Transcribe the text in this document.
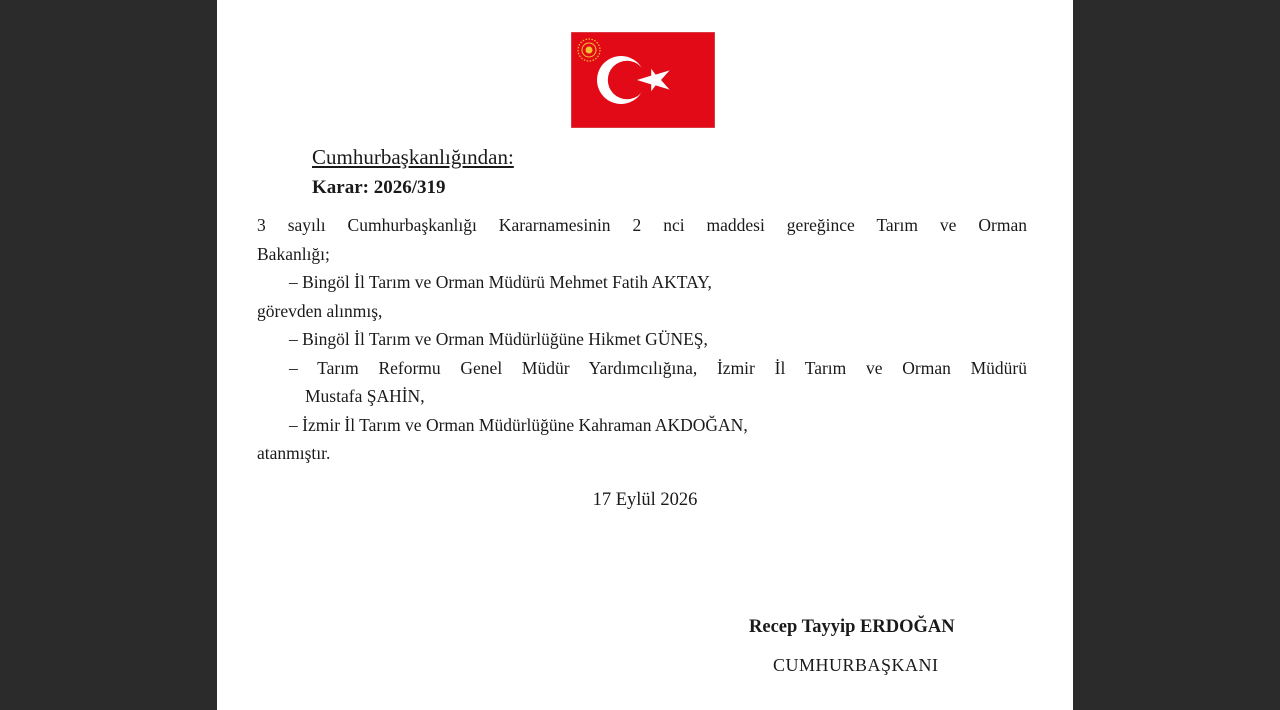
Cumhurbaşkanlığından:
Karar: 2026/319
3 sayılı Cumhurbaşkanlığı Kararnamesinin 2 nci maddesi gereğince Tarım ve Orman
Bakanlığı;
– Bingöl İl Tarım ve Orman Müdürü Mehmet Fatih AKTAY,
görevden alınmış,
– Bingöl İl Tarım ve Orman Müdürlüğüne Hikmet GÜNEŞ,
– Tarım Reformu Genel Müdür Yardımcılığına, İzmir İl Tarım ve Orman Müdürü
Mustafa ŞAHİN,
– İzmir İl Tarım ve Orman Müdürlüğüne Kahraman AKDOĞAN,
atanmıştır.
17 Eylül 2026
Recep Tayyip ERDOĞAN
CUMHURBAŞKANI
